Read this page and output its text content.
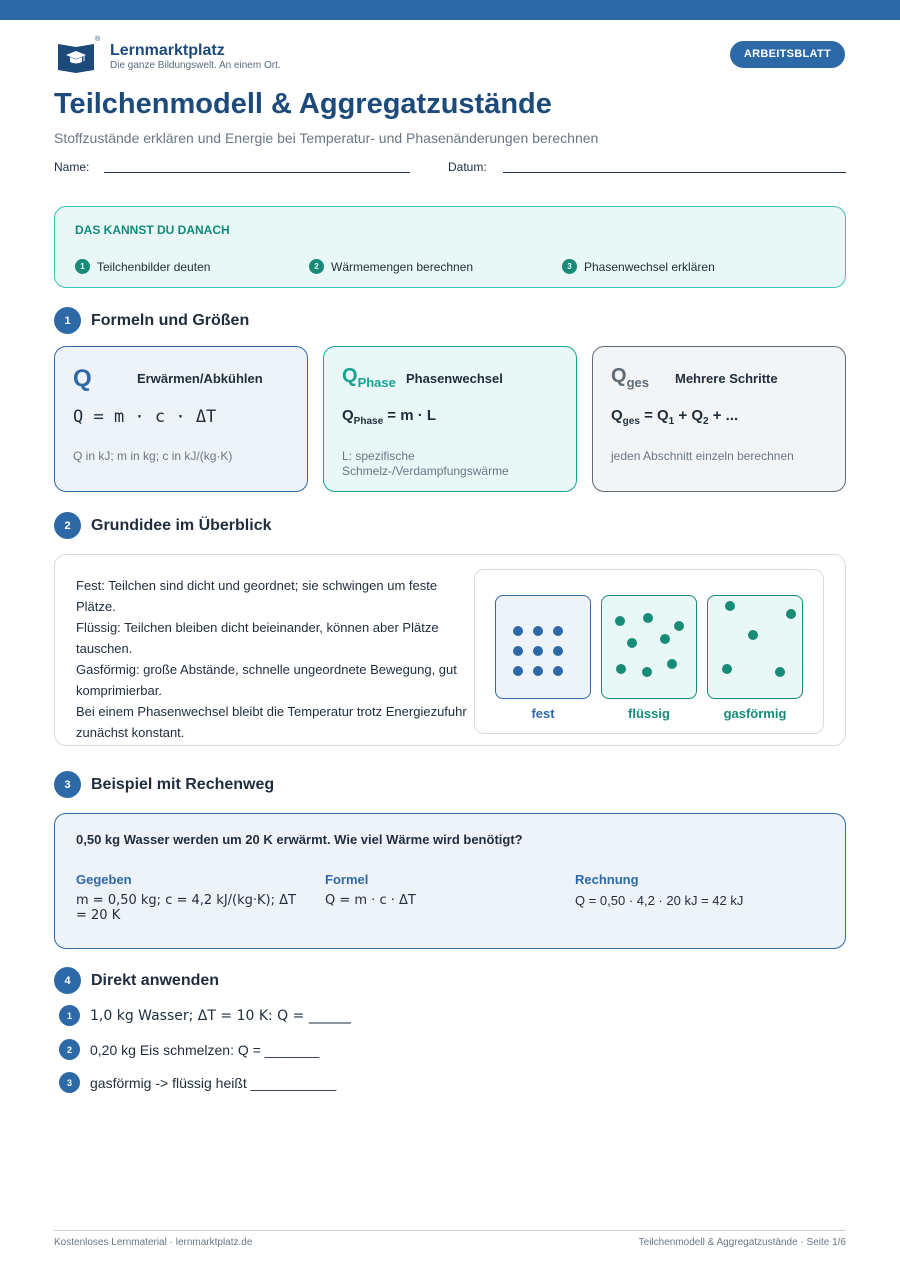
®
Lernmarktplatz
Die ganze Bildungswelt. An einem Ort.
ARBEITSBLATT
Teilchenmodell & Aggregatzustände
Stoffzustände erklären und Energie bei Temperatur- und Phasenänderungen berechnen
Name:	Datum:
DAS KANNST DU DANACH
1	Teilchenbilder deuten	2	Wärmemengen berechnen	3	Phasenwechsel erklären
1	Formeln und Größen
Q	Erwärmen/Abkühlen
Q = m · c · ΔT
Q in kJ; m in kg; c in kJ/(kg·K)
$Q_{Phase}$ Phasenwechsel
$Q_{Phase} = m \cdot L$
L: spezifische Schmelz-/Verdampfungswärme
$Q_{ges}$ Mehrere Schritte
$Q_{ges} = Q_1 + Q_2$ + ...
jeden Abschnitt einzeln berechnen
2	Grundidee im Überblick
Fest: Teilchen sind dicht und geordnet; sie schwingen um feste Plätze.
Flüssig: Teilchen bleiben dicht beieinander, können aber Plätze tauschen.
Gasförmig: große Abstände, schnelle ungeordnete Bewegung, gut komprimierbar.
Bei einem Phasenwechsel bleibt die Temperatur trotz Energiezufuhr zunächst konstant.
fest	flüssig	gasförmig
3	Beispiel mit Rechenweg
0,50 kg Wasser werden um 20 K erwärmt. Wie viel Wärme wird benötigt?
Gegeben
m = 0,50 kg; c = 4,2 kJ/(kg·K); ΔT = 20 K
Formel
Q = m · c · ΔT
Rechnung
Q = 0,50 · 4,2 · 20 kJ = 42 kJ
4	Direkt anwenden
1	1,0 kg Wasser; ΔT = 10 K: Q = ______
2	0,20 kg Eis schmelzen: Q = _______
3	gasförmig -> flüssig heißt ___________
Kostenloses Lernmaterial · lernmarktplatz.de	Teilchenmodell & Aggregatzustände · Seite 1/6
